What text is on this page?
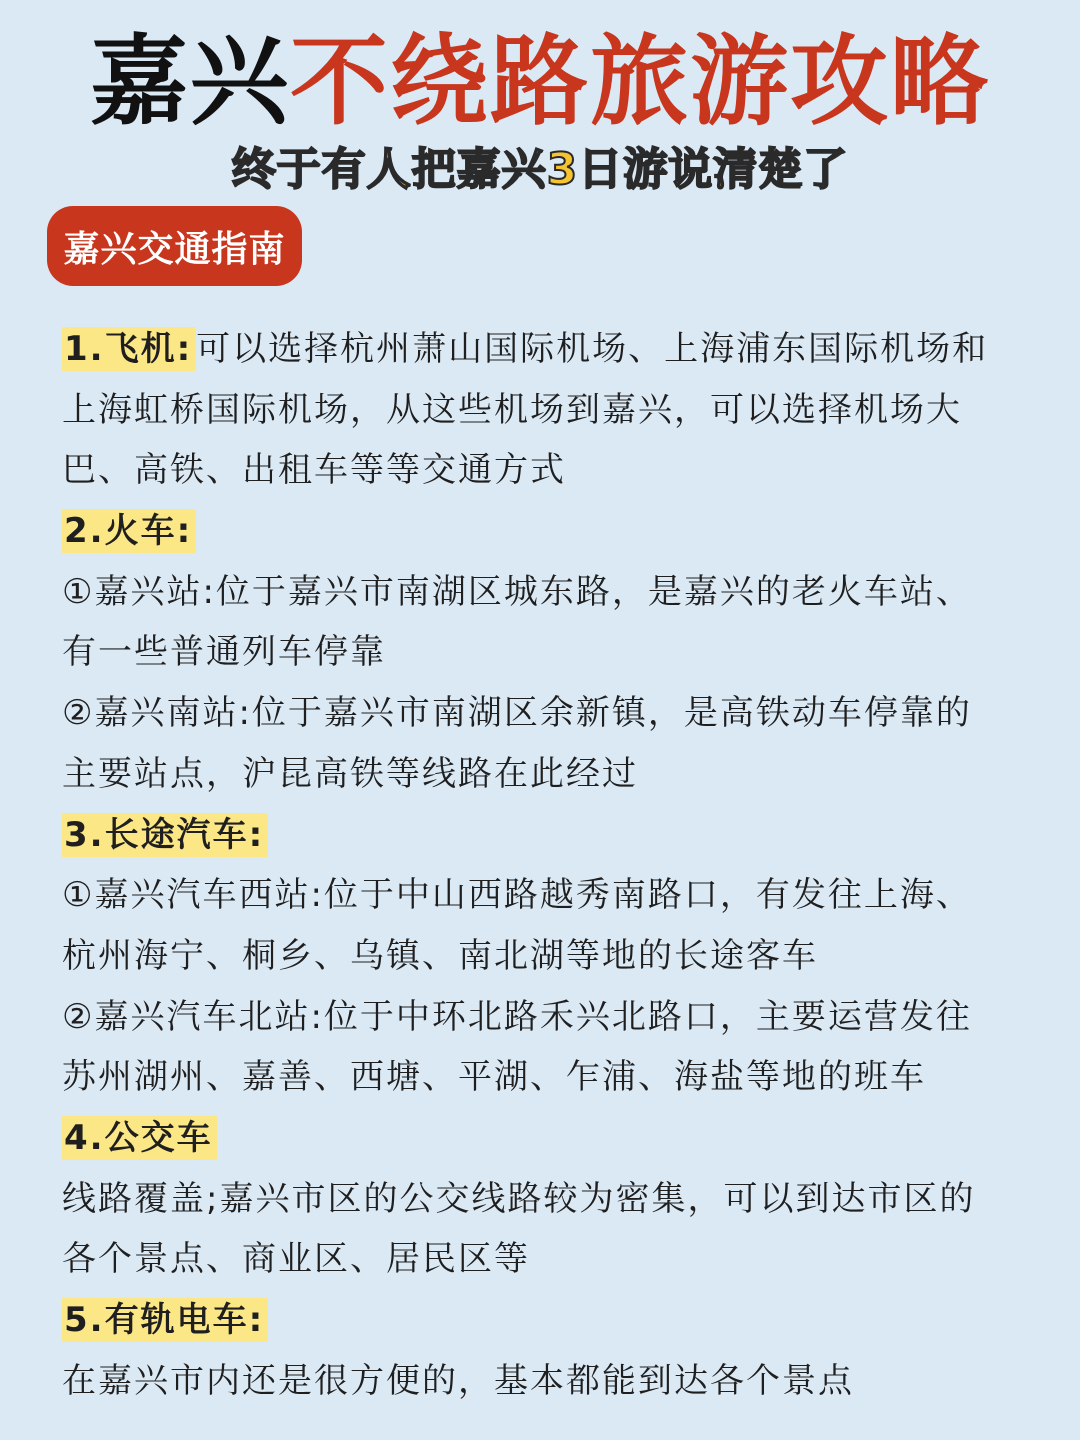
嘉兴不绕路旅游攻略
终于有人把嘉兴3日游说清楚了
嘉兴交通指南
1.飞机: 可以选择杭州萧山国际机场、上海浦东国际机场和
上海虹桥国际机场，从这些机场到嘉兴，可以选择机场大
巴、高铁、出租车等等交通方式
2.火车:
①嘉兴站:位于嘉兴市南湖区城东路，是嘉兴的老火车站、
有一些普通列车停靠
②嘉兴南站:位于嘉兴市南湖区余新镇，是高铁动车停靠的
主要站点，沪昆高铁等线路在此经过
3.长途汽车:
①嘉兴汽车西站:位于中山西路越秀南路口，有发往上海、
杭州海宁、桐乡、乌镇、南北湖等地的长途客车
②嘉兴汽车北站:位于中环北路禾兴北路口，主要运营发往
苏州湖州、嘉善、西塘、平湖、乍浦、海盐等地的班车
4.公交车
线路覆盖;嘉兴市区的公交线路较为密集，可以到达市区的
各个景点、商业区、居民区等
5.有轨电车:
在嘉兴市内还是很方便的，基本都能到达各个景点
